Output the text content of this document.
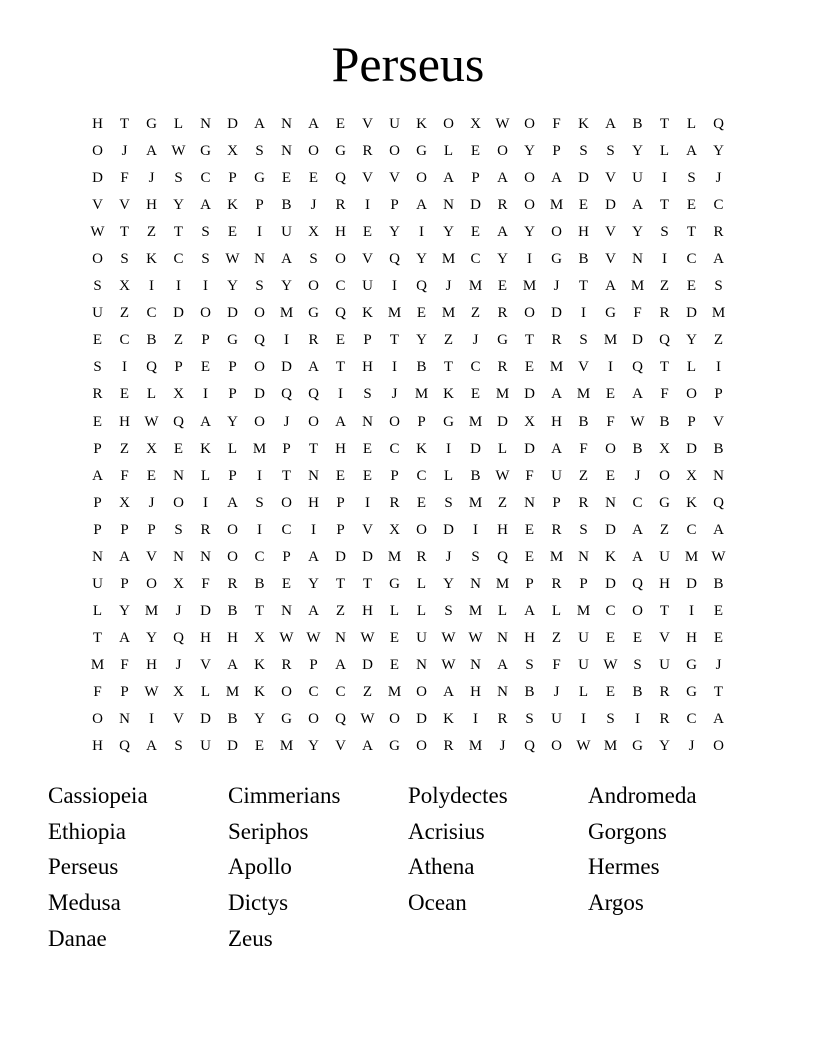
Perseus
H	T	G	L	N	D	A	N	A	E	V	U	K	O	X W O	F	K	A	B	T	L	Q
O	J	A W G	X	S	N	O	G	R	O	G	L	E	O	Y	P	S	S	Y	L	A	Y
D	F	J	S	C	P	G	E	E	Q	V	V	O	A	P	A	O	A	D	V	U	I	S	J
V	V	H	Y	A	K	P	B	J	R	I	P	A	N	D	R	O M	E	D	A	T	E	C
W	T	Z	T	S	E	I	U	X	H	E	Y	I	Y	E	A	Y	O	H	V	Y	S	T	R
O	S	K	C	S	W N	A	S	O	V	Q	Y M	C	Y	I	G	B	V	N	I	C	A
S	X	I	I	I	Y	S	Y	O	C	U	I	Q	J	M	E	M	J	T	A M	Z	E	S
U	Z	C	D	O	D	O M G	Q	K M	E	M	Z	R	O	D	I	G	F	R	D M
E	C	B	Z	P	G	Q	I	R	E	P	T	Y	Z	J	G	T	R	S	M D	Q	Y	Z
S	I	Q	P	E	P	O	D	A	T	H	I	B	T	C	R	E	M V	I	Q	T	L	I
R	E	L	X	I	P	D	Q	Q	I	S	J	M K	E	M D	A M	E	A	F	O	P
E	H W Q	A	Y	O	J	O	A	N	O	P	G M D	X	H	B	F	W B	P	V
P	Z	X	E	K	L	M	P	T	H	E	C	K	I	D	L	D	A	F	O	B	X	D	B
A	F	E	N	L	P	I	T	N	E	E	P	C	L	B W	F	U	Z	E	J	O	X	N
P	X	J	O	I	A	S	O	H	P	I	R	E	S	M	Z	N	P	R	N	C	G	K	Q
P	P	P	S	R	O	I	C	I	P	V	X	O	D	I	H	E	R	S	D	A	Z	C	A
N	A	V	N	N	O	C	P	A	D	D M	R	J	S	Q	E	M N	K	A	U M W
U	P	O	X	F	R	B	E	Y	T	T	G	L	Y	N M	P	R	P	D	Q	H	D	B
L	Y M	J	D	B	T	N	A	Z	H	L	L	S	M	L	A	L	M	C	O	T	I	E
T	A	Y	Q	H	H	X W W N W	E	U W W N	H	Z	U	E	E	V	H	E
M	F	H	J	V	A	K	R	P	A	D	E	N W N	A	S	F	U W	S	U	G	J
F	P	W X	L	M K	O	C	C	Z	M O	A	H	N	B	J	L	E	B	R	G	T
O	N	I	V	D	B	Y	G	O	Q W O	D	K	I	R	S	U	I	S	I	R	C	A
H	Q	A	S	U	D	E	M Y	V	A	G	O	R	M	J	Q	O W M G	Y	J	O
Cassiopeia	Cimmerians	Polydectes	Andromeda
Ethiopia	Seriphos	Acrisius	Gorgons
Perseus	Apollo	Athena	Hermes
Medusa	Dictys	Ocean	Argos
Danae	Zeus
